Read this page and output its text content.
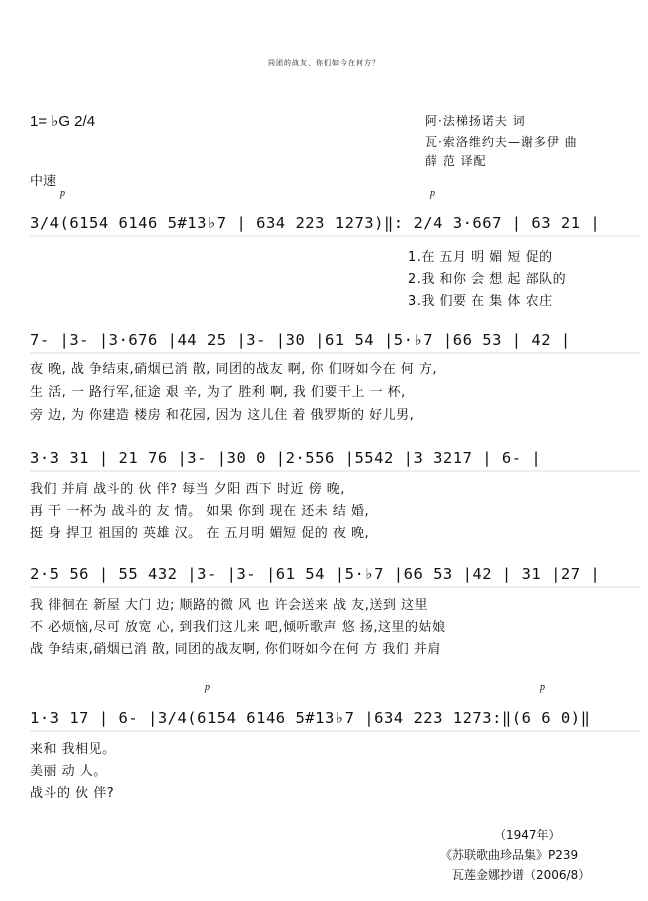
同团的战友，你们如今在何方？
1= ♭G 2/4	阿·法梯扬诺夫 词
瓦·索洛维约夫—谢多伊 曲
薛 范 译配
中速
p	p
3/4(6154 6146 5#13♭7 | 634 223 1273)‖: 2/4 3·667 | 63 21 |
1.在 五月 明 媚 短 促的
2.我 和你 会 想 起 部队的
3.我 们要 在 集 体 农庄
7- |3- |3·676 |44 25 |3- |30 |61 54 |5·♭7 |66 53 | 42 |
夜 晚, 战 争结束,硝烟已消 散, 同团的战友 啊, 你 们呀如今在 何 方,
生 活, 一 路行军,征途 艰 辛, 为了 胜利 啊, 我 们要干上 一 杯,
旁 边, 为 你建造 楼房 和花园, 因为 这儿住 着 俄罗斯的 好儿男,
3·3 31 | 21 76 |3- |30 0 |2·556 |5542 |3 3217 | 6- |
我们 并肩 战斗的 伙 伴? 每当 夕阳 西下 时近 傍 晚,
再 干 一杯为 战斗的 友 情。 如果 你到 现在 还未 结 婚,
挺 身 捍卫 祖国的 英雄 汉。 在 五月明 媚短 促的 夜 晚,
2·5 56 | 55 432 |3- |3- |61 54 |5·♭7 |66 53 |42 | 31 |27 |
我 徘徊在 新屋 大门 边; 顺路的微 风 也 许会送来 战 友,送到 这里
不 必烦恼,尽可 放宽 心, 到我们这儿来 吧,倾听歌声 悠 扬,这里的姑娘
战 争结束,硝烟已消 散, 同团的战友啊, 你们呀如今在何 方 我们 并肩
p	p
1·3 17 | 6- |3/4(6154 6146 5#13♭7 |634 223 1273:‖(6 6 0)‖
来和 我相见。
美丽 动 人。
战斗的 伙 伴?
（1947年）
《苏联歌曲珍品集》P239
瓦莲金娜抄谱（2006/8）
